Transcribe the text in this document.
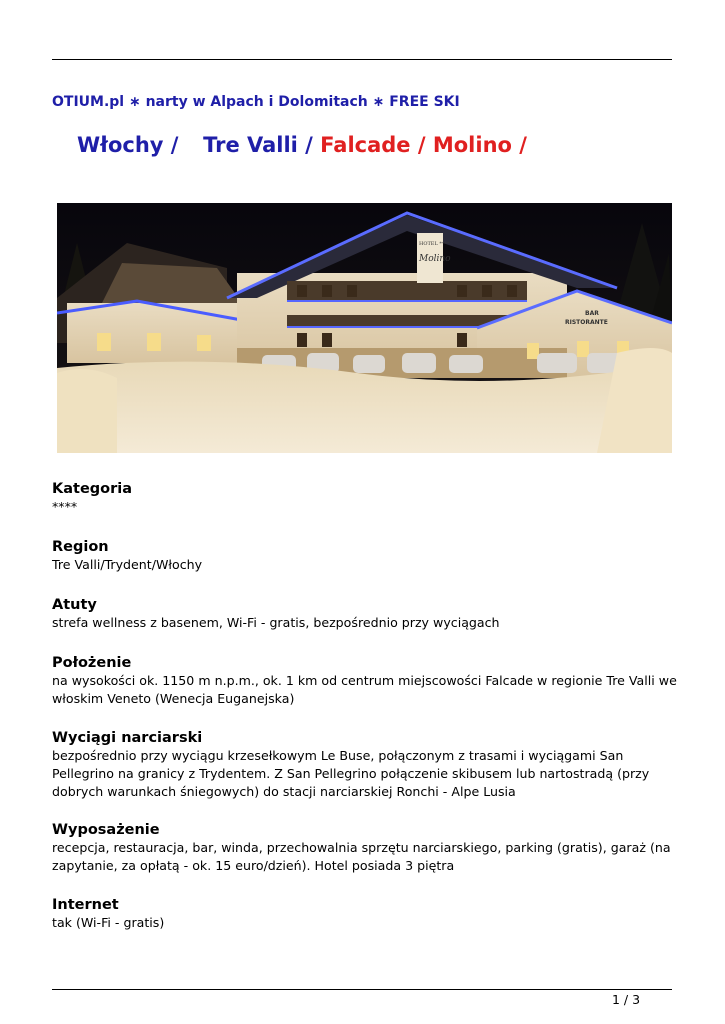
OTIUM.pl ∗ narty w Alpach i Dolomitach ∗ FREE SKI
Włochy / Tre Valli / Falcade / Molino /
HOTEL ****
Molino
BAR
RISTORANTE
Kategoria

****

Region

Tre Valli/Trydent/Włochy

Atuty

strefa wellness z basenem, Wi-Fi - gratis, bezpośrednio przy wyciągach

Położenie

na wysokości ok. 1150 m n.p.m., ok. 1 km od centrum miejscowości Falcade w regionie Tre Valli we włoskim Veneto (Wenecja Euganejska)

Wyciągi narciarski

bezpośrednio przy wyciągu krzesełkowym Le Buse, połączonym z trasami i wyciągami San Pellegrino na granicy z Trydentem. Z San Pellegrino połączenie skibusem lub nartostradą (przy dobrych warunkach śniegowych) do stacji narciarskiej Ronchi - Alpe Lusia

Wyposażenie

recepcja, restauracja, bar, winda, przechowalnia sprzętu narciarskiego, parking (gratis), garaż (na zapytanie, za opłatą - ok. 15 euro/dzień). Hotel posiada 3 piętra

Internet

tak (Wi-Fi - gratis)

1 / 3
